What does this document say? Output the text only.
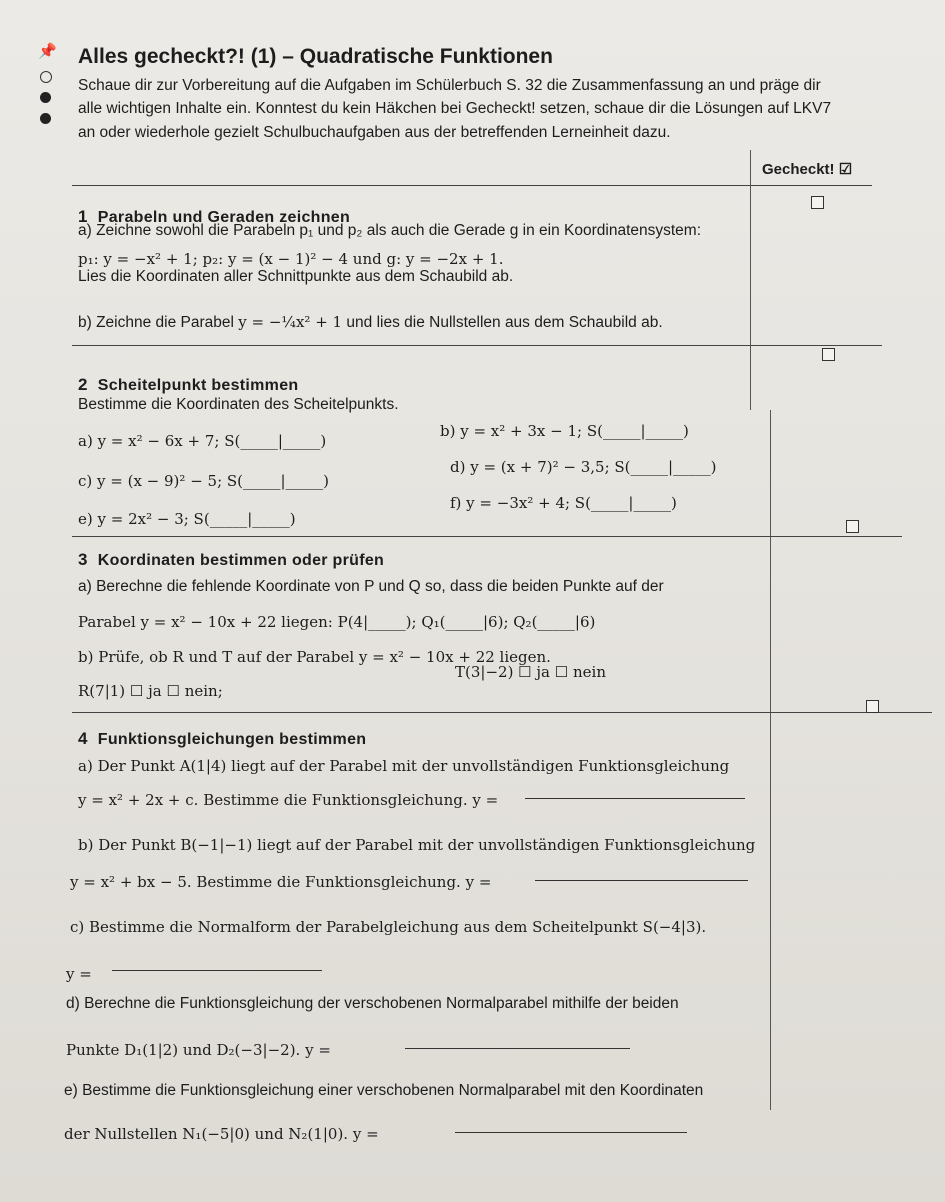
📌 Alles gecheckt?! (1) – Quadratische Funktionen
Schaue dir zur Vorbereitung auf die Aufgaben im Schülerbuch S. 32 die Zusammenfassung an und präge dir
alle wichtigen Inhalte ein. Konntest du kein Häkchen bei Gecheckt! setzen, schaue dir die Lösungen auf LKV7
an oder wiederhole gezielt Schulbuchaufgaben aus der betreffenden Lerneinheit dazu.
Gecheckt! ☑
1 Parabeln und Geraden zeichnen
a) Zeichne sowohl die Parabeln p₁ und p₂ als auch die Gerade g in ein Koordinatensystem:
p₁: y = −x² + 1; p₂: y = (x − 1)² − 4 und g: y = −2x + 1.
Lies die Koordinaten aller Schnittpunkte aus dem Schaubild ab.
b) Zeichne die Parabel y = −¼x² + 1 und lies die Nullstellen aus dem Schaubild ab.
2 Scheitelpunkt bestimmen
Bestimme die Koordinaten des Scheitelpunkts.
a) y = x² − 6x + 7; S(_____|_____)
b) y = x² + 3x − 1; S(_____|_____)
c) y = (x − 9)² − 5; S(_____|_____)
d) y = (x + 7)² − 3,5; S(_____|_____)
e) y = 2x² − 3; S(_____|_____)
f) y = −3x² + 4; S(_____|_____)
3 Koordinaten bestimmen oder prüfen
a) Berechne die fehlende Koordinate von P und Q so, dass die beiden Punkte auf der
Parabel y = x² − 10x + 22 liegen: P(4|_____); Q₁(_____|6); Q₂(_____|6)
b) Prüfe, ob R und T auf der Parabel y = x² − 10x + 22 liegen.
T(3|−2) ☐ ja ☐ nein
R(7|1) ☐ ja ☐ nein;
4 Funktionsgleichungen bestimmen
a) Der Punkt A(1|4) liegt auf der Parabel mit der unvollständigen Funktionsgleichung
y = x² + 2x + c. Bestimme die Funktionsgleichung. y =
b) Der Punkt B(−1|−1) liegt auf der Parabel mit der unvollständigen Funktionsgleichung
y = x² + bx − 5. Bestimme die Funktionsgleichung. y =
c) Bestimme die Normalform der Parabelgleichung aus dem Scheitelpunkt S(−4|3).
y =
d) Berechne die Funktionsgleichung der verschobenen Normalparabel mithilfe der beiden
Punkte D₁(1|2) und D₂(−3|−2). y =
e) Bestimme die Funktionsgleichung einer verschobenen Normalparabel mit den Koordinaten
der Nullstellen N₁(−5|0) und N₂(1|0). y =
